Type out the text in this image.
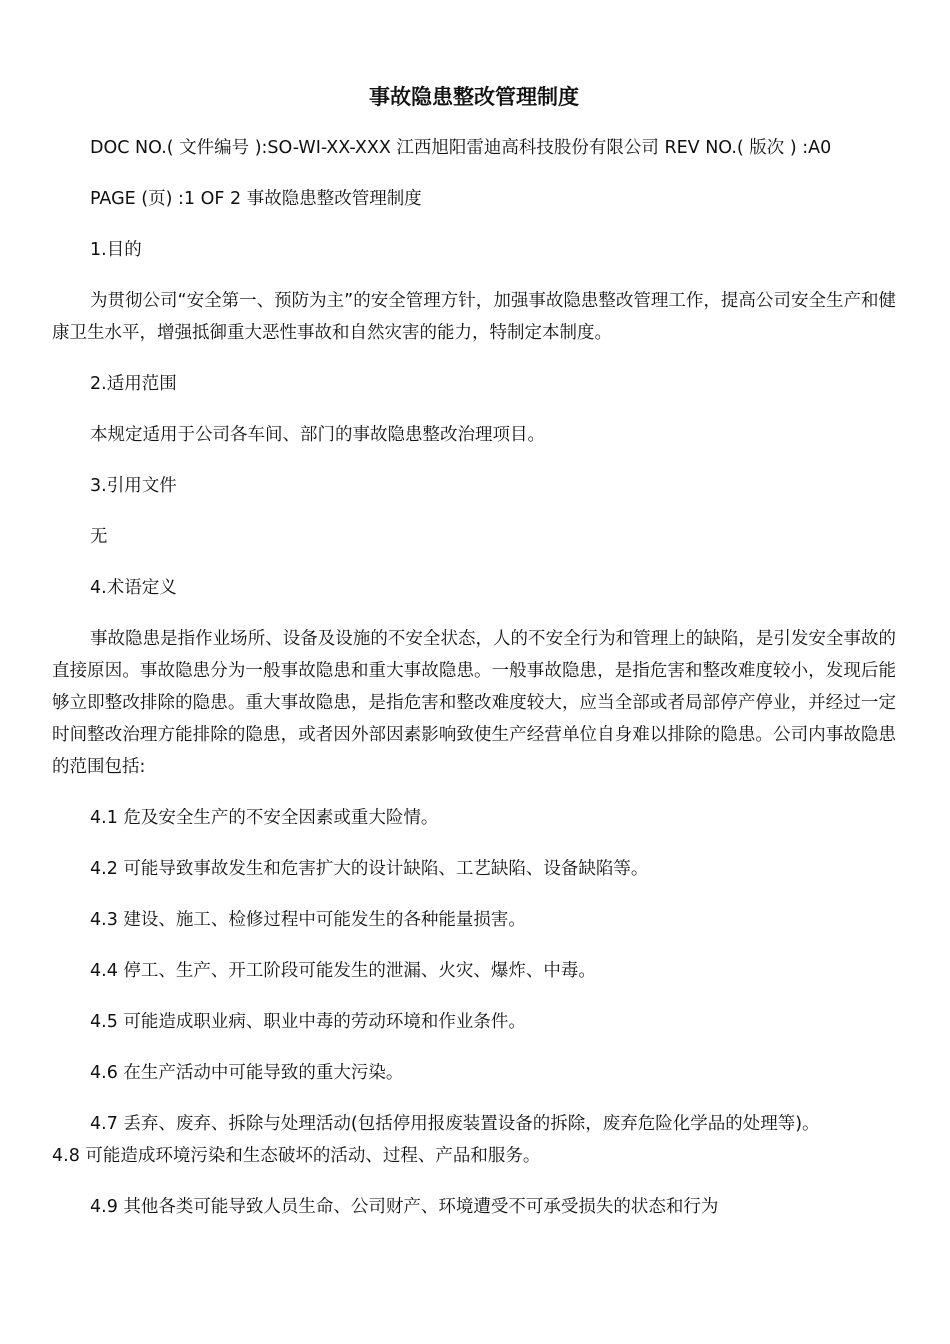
事故隐患整改管理制度

DOC NO.( 文件编号 ):SO-WI-XX-XXX 江西旭阳雷迪高科技股份有限公司 REV NO.( 版次 ) :A0

PAGE (页) :1 OF 2 事故隐患整改管理制度

1.目的

为贯彻公司“安全第一、预防为主”的安全管理方针，加强事故隐患整改管理工作，提高公司安全生产和健康卫生水平，增强抵御重大恶性事故和自然灾害的能力，特制定本制度。

2.适用范围

本规定适用于公司各车间、部门的事故隐患整改治理项目。

3.引用文件

无

4.术语定义

事故隐患是指作业场所、设备及设施的不安全状态，人的不安全行为和管理上的缺陷，是引发安全事故的直接原因。事故隐患分为一般事故隐患和重大事故隐患。一般事故隐患，是指危害和整改难度较小，发现后能够立即整改排除的隐患。重大事故隐患，是指危害和整改难度较大，应当全部或者局部停产停业，并经过一定时间整改治理方能排除的隐患，或者因外部因素影响致使生产经营单位自身难以排除的隐患。公司内事故隐患的范围包括:

4.1 危及安全生产的不安全因素或重大险情。

4.2 可能导致事故发生和危害扩大的设计缺陷、工艺缺陷、设备缺陷等。

4.3 建设、施工、检修过程中可能发生的各种能量损害。

4.4 停工、生产、开工阶段可能发生的泄漏、火灾、爆炸、中毒。

4.5 可能造成职业病、职业中毒的劳动环境和作业条件。

4.6 在生产活动中可能导致的重大污染。

4.7 丢弃、废弃、拆除与处理活动(包括停用报废装置设备的拆除，废弃危险化学品的处理等)。

4.8 可能造成环境污染和生态破坏的活动、过程、产品和服务。

4.9 其他各类可能导致人员生命、公司财产、环境遭受不可承受损失的状态和行为
